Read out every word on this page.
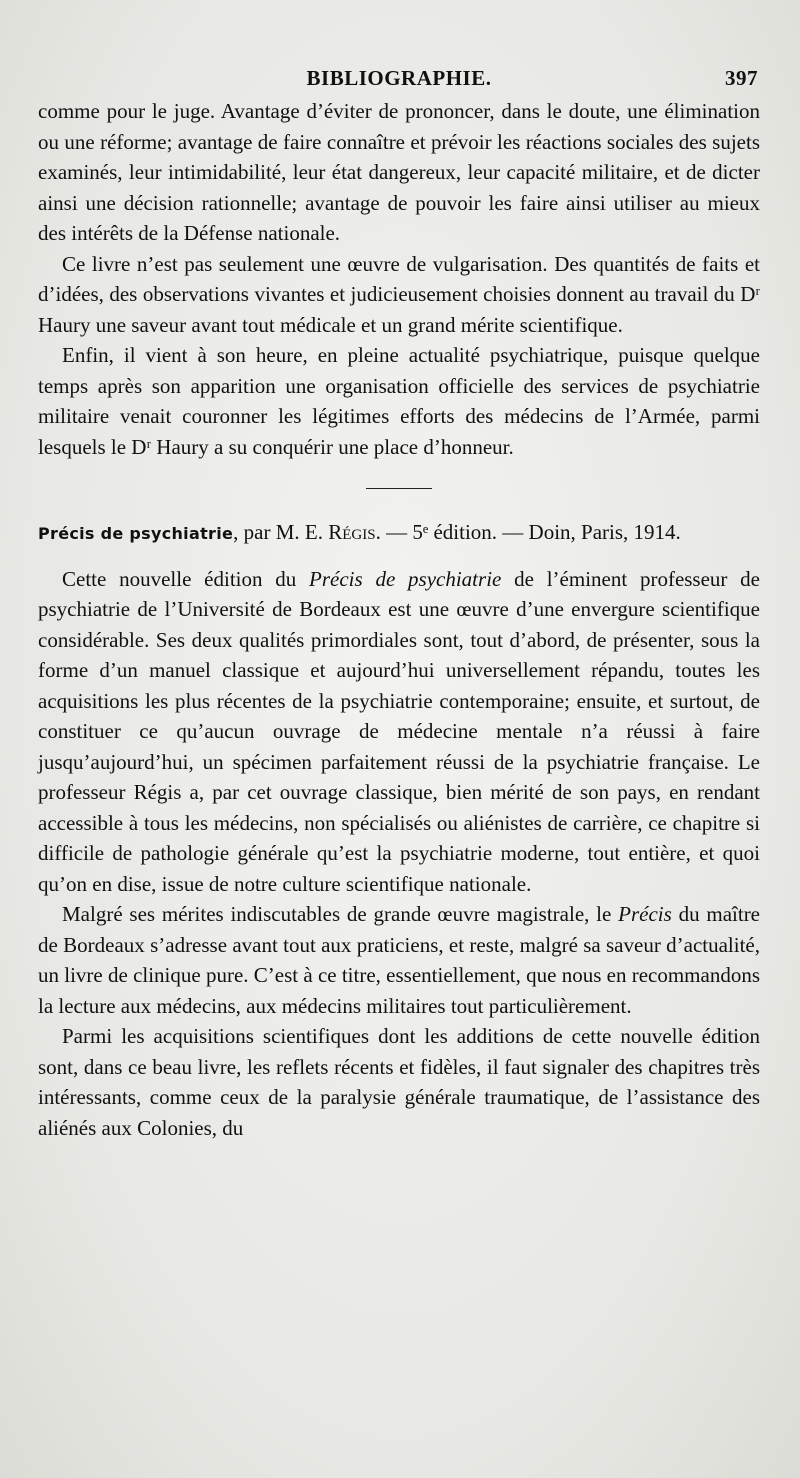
BIBLIOGRAPHIE.	397

comme pour le juge. Avantage d’éviter de prononcer, dans le doute, une élimination ou une réforme; avantage de faire connaître et prévoir les réactions sociales des sujets examinés, leur intimidabilité, leur état dangereux, leur capacité militaire, et de dicter ainsi une décision rationnelle; avantage de pouvoir les faire ainsi utiliser au mieux des intérêts de la Défense nationale.

Ce livre n’est pas seulement une œuvre de vulgarisation. Des quantités de faits et d’idées, des observations vivantes et judicieusement choisies donnent au travail du Dʳ Haury une saveur avant tout médicale et un grand mérite scientifique.

Enfin, il vient à son heure, en pleine actualité psychiatrique, puisque quelque temps après son apparition une organisation officielle des services de psychiatrie militaire venait couronner les légitimes efforts des médecins de l’Armée, parmi lesquels le Dʳ Haury a su conquérir une place d’honneur.

Précis de psychiatrie, par M. E. Régis. — 5ᵉ édition. — Doin, Paris, 1914.

Cette nouvelle édition du Précis de psychiatrie de l’éminent professeur de psychiatrie de l’Université de Bordeaux est une œuvre d’une envergure scientifique considérable. Ses deux qualités primordiales sont, tout d’abord, de présenter, sous la forme d’un manuel classique et aujourd’hui universellement répandu, toutes les acquisitions les plus récentes de la psychiatrie contemporaine; ensuite, et surtout, de constituer ce qu’aucun ouvrage de médecine mentale n’a réussi à faire jusqu’aujourd’hui, un spécimen parfaitement réussi de la psychiatrie française. Le professeur Régis a, par cet ouvrage classique, bien mérité de son pays, en rendant accessible à tous les médecins, non spécialisés ou aliénistes de carrière, ce chapitre si difficile de pathologie générale qu’est la psychiatrie moderne, tout entière, et quoi qu’on en dise, issue de notre culture scientifique nationale.

Malgré ses mérites indiscutables de grande œuvre magistrale, le Précis du maître de Bordeaux s’adresse avant tout aux praticiens, et reste, malgré sa saveur d’actualité, un livre de clinique pure. C’est à ce titre, essentiellement, que nous en recommandons la lecture aux médecins, aux médecins militaires tout particulièrement.

Parmi les acquisitions scientifiques dont les additions de cette nouvelle édition sont, dans ce beau livre, les reflets récents et fidèles, il faut signaler des chapitres très intéressants, comme ceux de la paralysie générale traumatique, de l’assistance des aliénés aux Colonies, du
